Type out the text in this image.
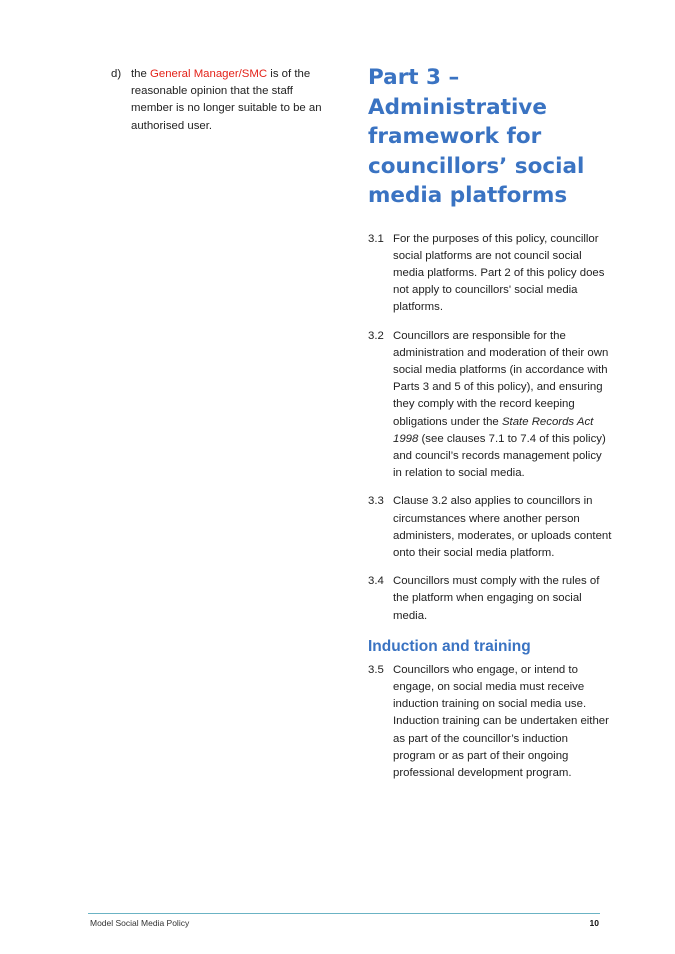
d) the General Manager/SMC is of the reasonable opinion that the staff member is no longer suitable to be an authorised user.
Part 3 – Administrative framework for councillors’ social media platforms
3.1 For the purposes of this policy, councillor social platforms are not council social media platforms. Part 2 of this policy does not apply to councillors' social media platforms.
3.2 Councillors are responsible for the administration and moderation of their own social media platforms (in accordance with Parts 3 and 5 of this policy), and ensuring they comply with the record keeping obligations under the State Records Act 1998 (see clauses 7.1 to 7.4 of this policy) and council’s records management policy in relation to social media.
3.3 Clause 3.2 also applies to councillors in circumstances where another person administers, moderates, or uploads content onto their social media platform.
3.4 Councillors must comply with the rules of the platform when engaging on social media.
Induction and training
3.5 Councillors who engage, or intend to engage, on social media must receive induction training on social media use. Induction training can be undertaken either as part of the councillor’s induction program or as part of their ongoing professional development program.
Model Social Media Policy	10
